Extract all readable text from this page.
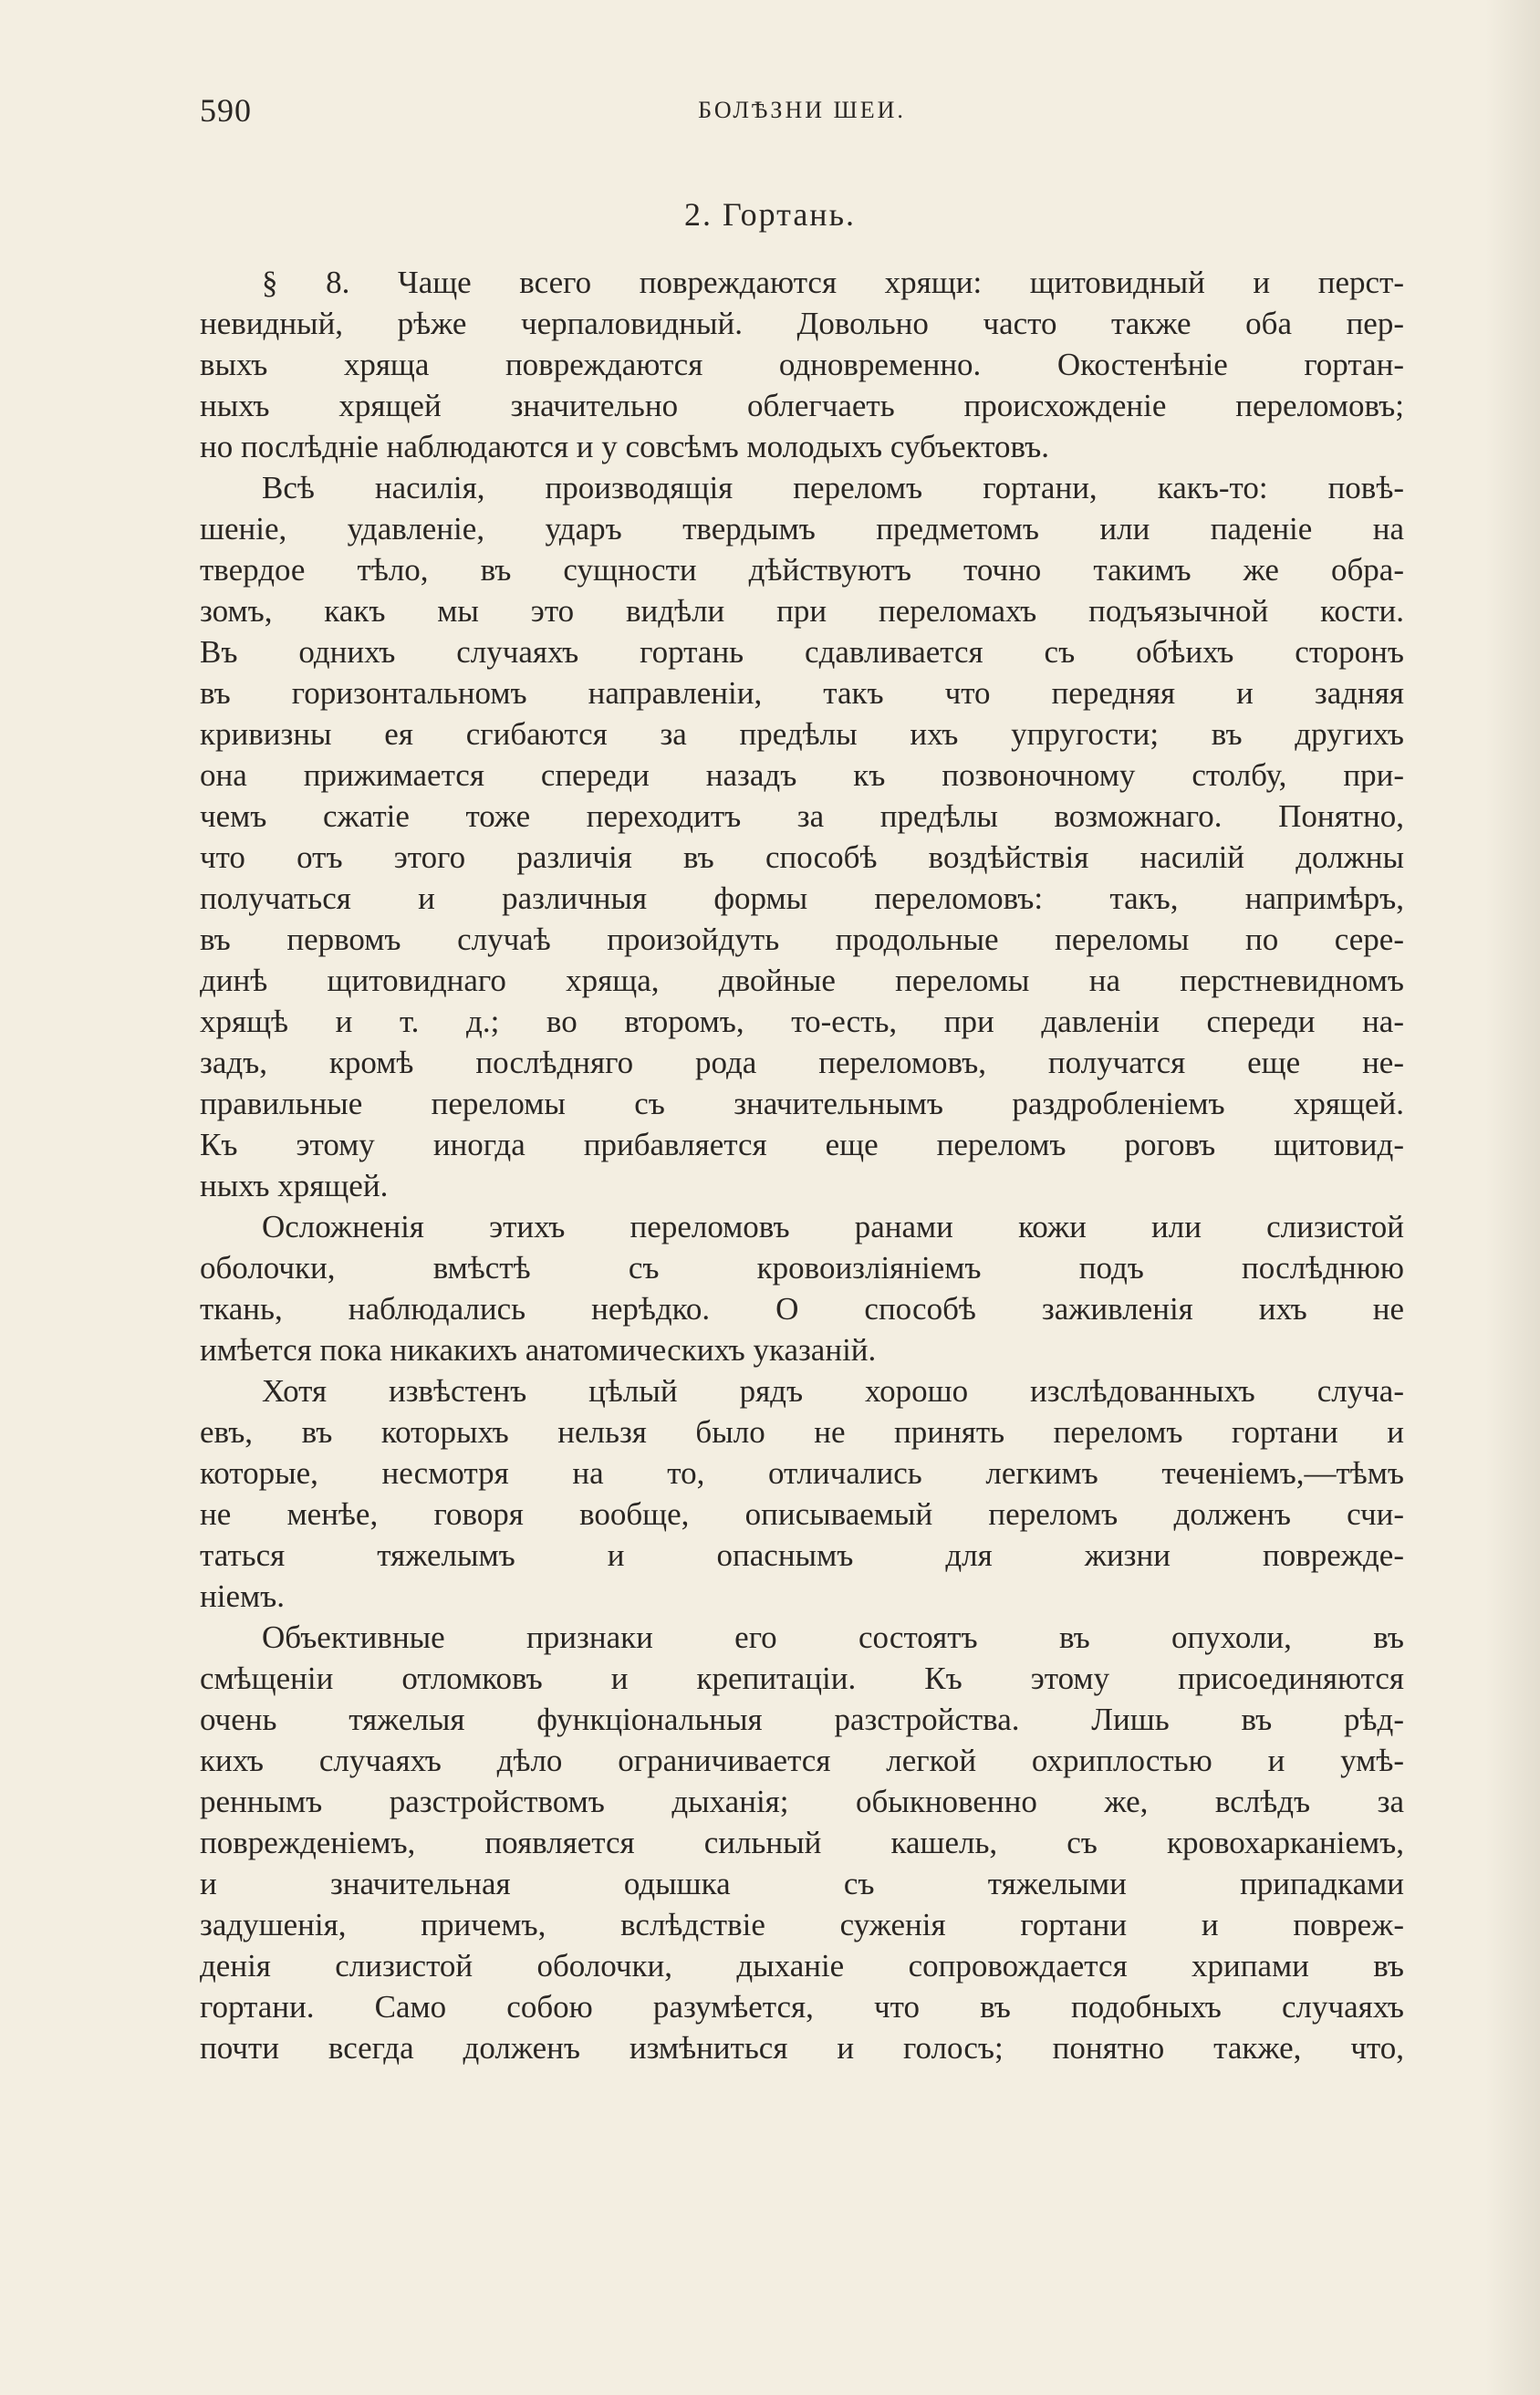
590	БОЛѢЗНИ ШЕИ.
2. Гортань.
§ 8. Чаще всего повреждаются хрящи: щитовидный и перст-
невидный, рѣже черпаловидный. Довольно часто также оба пер-
выхъ хряща повреждаются одновременно. Окостенѣніе гортан-
ныхъ хрящей значительно облегчаеть происхожденіе переломовъ;
но послѣдніе наблюдаются и у совсѣмъ молодыхъ субъектовъ.
Всѣ насилія, производящія переломъ гортани, какъ-то: повѣ-
шеніе, удавленіе, ударъ твердымъ предметомъ или паденіе на
твердое тѣло, въ сущности дѣйствуютъ точно такимъ же обра-
зомъ, какъ мы это видѣли при переломахъ подъязычной кости.
Въ однихъ случаяхъ гортань сдавливается съ обѣихъ сторонъ
въ горизонтальномъ направленіи, такъ что передняя и задняя
кривизны ея сгибаются за предѣлы ихъ упругости; въ другихъ
она прижимается спереди назадъ къ позвоночному столбу, при-
чемъ сжатіе тоже переходитъ за предѣлы возможнаго. Понятно,
что отъ этого различія въ способѣ воздѣйствія насилій должны
получаться и различныя формы переломовъ: такъ, напримѣръ,
въ первомъ случаѣ произойдуть продольные переломы по сере-
динѣ щитовиднаго хряща, двойные переломы на перстневидномъ
хрящѣ и т. д.; во второмъ, то-есть, при давленіи спереди на-
задъ, кромѣ послѣдняго рода переломовъ, получатся еще не-
правильные переломы съ значительнымъ раздробленіемъ хрящей.
Къ этому иногда прибавляется еще переломъ роговъ щитовид-
ныхъ хрящей.
Осложненія этихъ переломовъ ранами кожи или слизистой
оболочки, вмѣстѣ съ кровоизліяніемъ подъ послѣднюю
ткань, наблюдались нерѣдко. О способѣ заживленія ихъ не
имѣется пока никакихъ анатомическихъ указаній.
Хотя извѣстенъ цѣлый рядъ хорошо изслѣдованныхъ случа-
евъ, въ которыхъ нельзя было не принять переломъ гортани и
которые, несмотря на то, отличались легкимъ теченіемъ,—тѣмъ
не менѣе, говоря вообще, описываемый переломъ долженъ счи-
таться тяжелымъ и опаснымъ для жизни поврежде-
ніемъ.
Объективные признаки его состоятъ въ опухоли, въ
смѣщеніи отломковъ и крепитаціи. Къ этому присоединяются
очень тяжелыя функціональныя разстройства. Лишь въ рѣд-
кихъ случаяхъ дѣло ограничивается легкой охриплостью и умѣ-
реннымъ разстройствомъ дыханія; обыкновенно же, вслѣдъ за
поврежденіемъ, появляется сильный кашель, съ кровохарканіемъ,
и значительная одышка съ тяжелыми припадками
задушенія, причемъ, вслѣдствіе суженія гортани и повреж-
денія слизистой оболочки, дыханіе сопровождается хрипами въ
гортани. Само собою разумѣется, что въ подобныхъ случаяхъ
почти всегда долженъ измѣниться и голосъ; понятно также, что,
